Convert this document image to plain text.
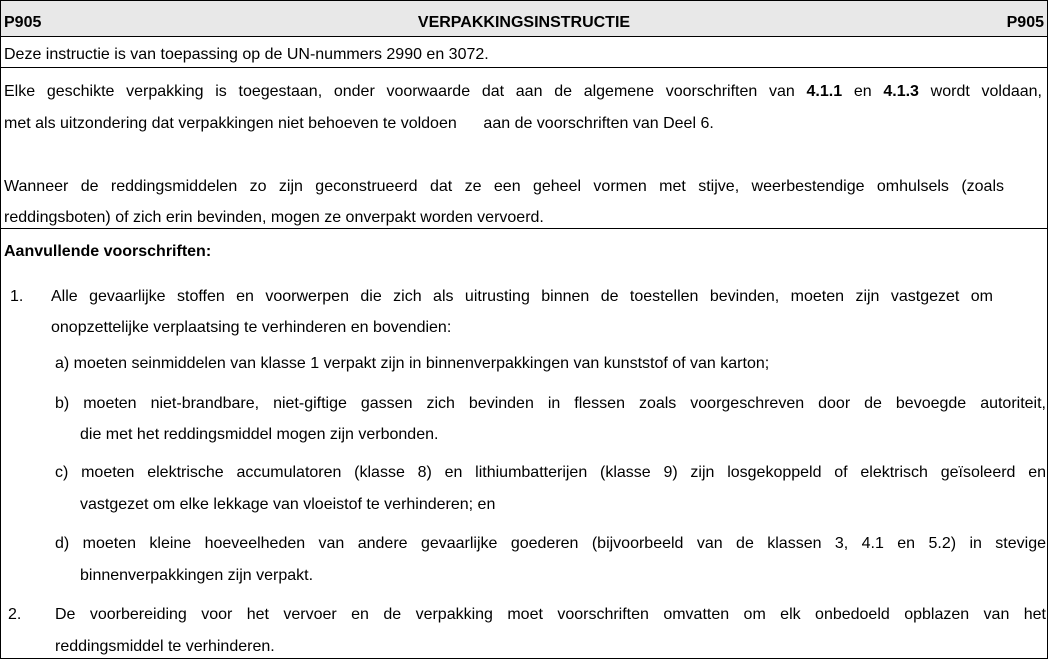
P905	VERPAKKINGSINSTRUCTIE	P905
Deze instructie is van toepassing op de UN-nummers 2990 en 3072.
Elke geschikte verpakking is toegestaan, onder voorwaarde dat aan de algemene voorschriften van 4.1.1 en 4.1.3 wordt voldaan,
met als uitzondering dat verpakkingen niet behoeven te voldoen      aan de voorschriften van Deel 6.
Wanneer de reddingsmiddelen zo zijn geconstrueerd dat ze een geheel vormen met stijve, weerbestendige omhulsels (zoals
reddingsboten) of zich erin bevinden, mogen ze onverpakt worden vervoerd.
Aanvullende voorschriften:
1. Alle gevaarlijke stoffen en voorwerpen die zich als uitrusting binnen de toestellen bevinden, moeten zijn vastgezet om
onopzettelijke verplaatsing te verhinderen en bovendien:
a) moeten seinmiddelen van klasse 1 verpakt zijn in binnenverpakkingen van kunststof of van karton;
b) moeten niet-brandbare, niet-giftige gassen zich bevinden in flessen zoals voorgeschreven door de bevoegde autoriteit,
die met het reddingsmiddel mogen zijn verbonden.
c) moeten elektrische accumulatoren (klasse 8) en lithiumbatterijen (klasse 9) zijn losgekoppeld of elektrisch geïsoleerd en
vastgezet om elke lekkage van vloeistof te verhinderen; en
d) moeten kleine hoeveelheden van andere gevaarlijke goederen (bijvoorbeeld van de klassen 3, 4.1 en 5.2) in stevige
binnenverpakkingen zijn verpakt.
2. De voorbereiding voor het vervoer en de verpakking moet voorschriften omvatten om elk onbedoeld opblazen van het
reddingsmiddel te verhinderen.
